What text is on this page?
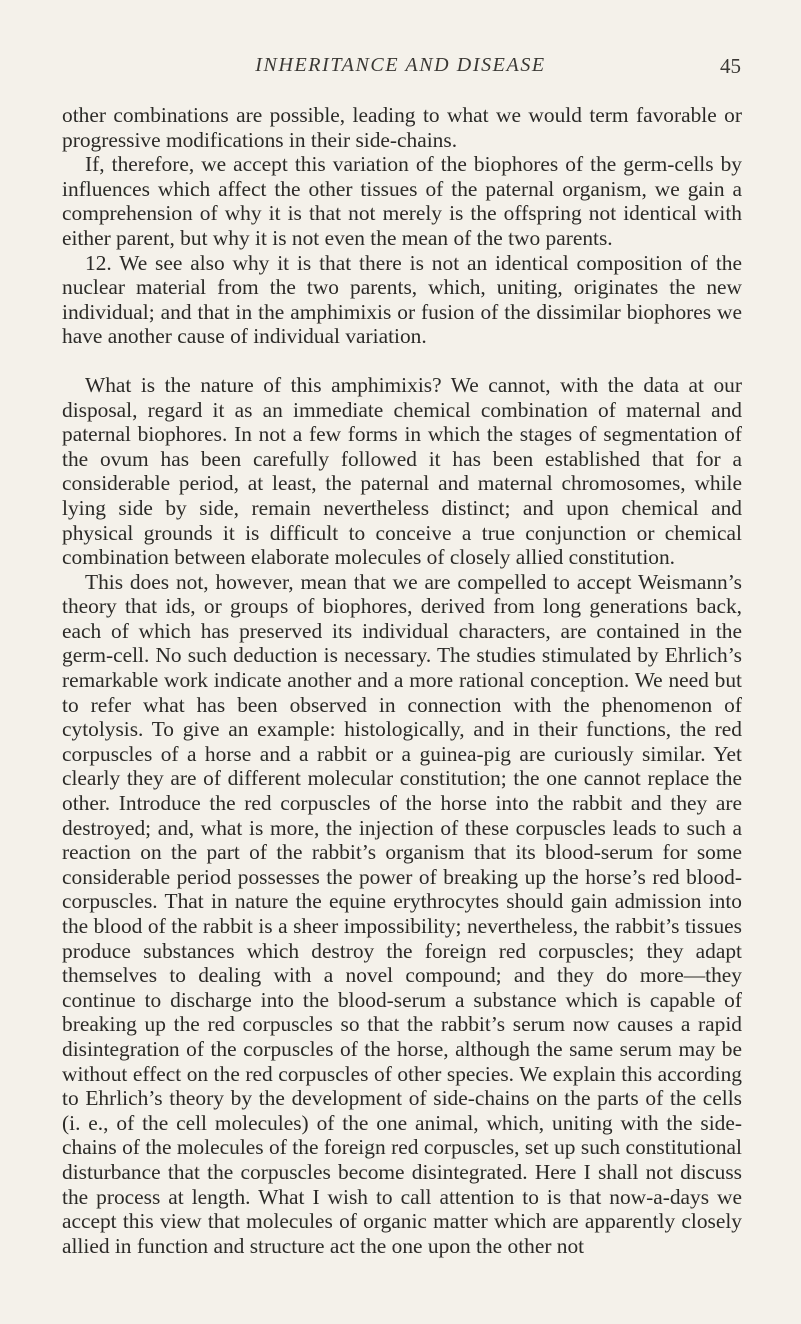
INHERITANCE AND DISEASE	45

other combinations are possible, leading to what we would term favorable or progressive modifications in their side-chains.

If, therefore, we accept this variation of the biophores of the germ-cells by influences which affect the other tissues of the paternal organism, we gain a comprehension of why it is that not merely is the offspring not identical with either parent, but why it is not even the mean of the two parents.

12. We see also why it is that there is not an identical composition of the nuclear material from the two parents, which, uniting, originates the new individual; and that in the amphimixis or fusion of the dissimilar biophores we have another cause of individual variation.

What is the nature of this amphimixis? We cannot, with the data at our disposal, regard it as an immediate chemical combination of maternal and paternal biophores. In not a few forms in which the stages of segmentation of the ovum has been carefully followed it has been established that for a considerable period, at least, the paternal and maternal chromosomes, while lying side by side, remain nevertheless distinct; and upon chemical and physical grounds it is difficult to conceive a true conjunction or chemical combination between elaborate molecules of closely allied constitution.

This does not, however, mean that we are compelled to accept Weismann’s theory that ids, or groups of biophores, derived from long generations back, each of which has preserved its individual characters, are contained in the germ-cell. No such deduction is necessary. The studies stimulated by Ehrlich’s remarkable work indicate another and a more rational conception. We need but to refer what has been observed in connection with the phenomenon of cytolysis. To give an example: histologically, and in their functions, the red corpuscles of a horse and a rabbit or a guinea-pig are curiously similar. Yet clearly they are of different molecular constitution; the one cannot replace the other. Introduce the red corpuscles of the horse into the rabbit and they are destroyed; and, what is more, the injection of these corpuscles leads to such a reaction on the part of the rabbit’s organism that its blood-serum for some considerable period possesses the power of breaking up the horse’s red blood-corpuscles. That in nature the equine erythrocytes should gain admission into the blood of the rabbit is a sheer impossibility; nevertheless, the rabbit’s tissues produce substances which destroy the foreign red corpuscles; they adapt themselves to dealing with a novel compound; and they do more—they continue to discharge into the blood-serum a substance which is capable of breaking up the red corpuscles so that the rabbit’s serum now causes a rapid disintegration of the corpuscles of the horse, although the same serum may be without effect on the red corpuscles of other species. We explain this according to Ehrlich’s theory by the development of side-chains on the parts of the cells (i. e., of the cell molecules) of the one animal, which, uniting with the side-chains of the molecules of the foreign red corpuscles, set up such constitutional disturbance that the corpuscles become disintegrated. Here I shall not discuss the process at length. What I wish to call attention to is that now-a-days we accept this view that molecules of organic matter which are apparently closely allied in function and structure act the one upon the other not
